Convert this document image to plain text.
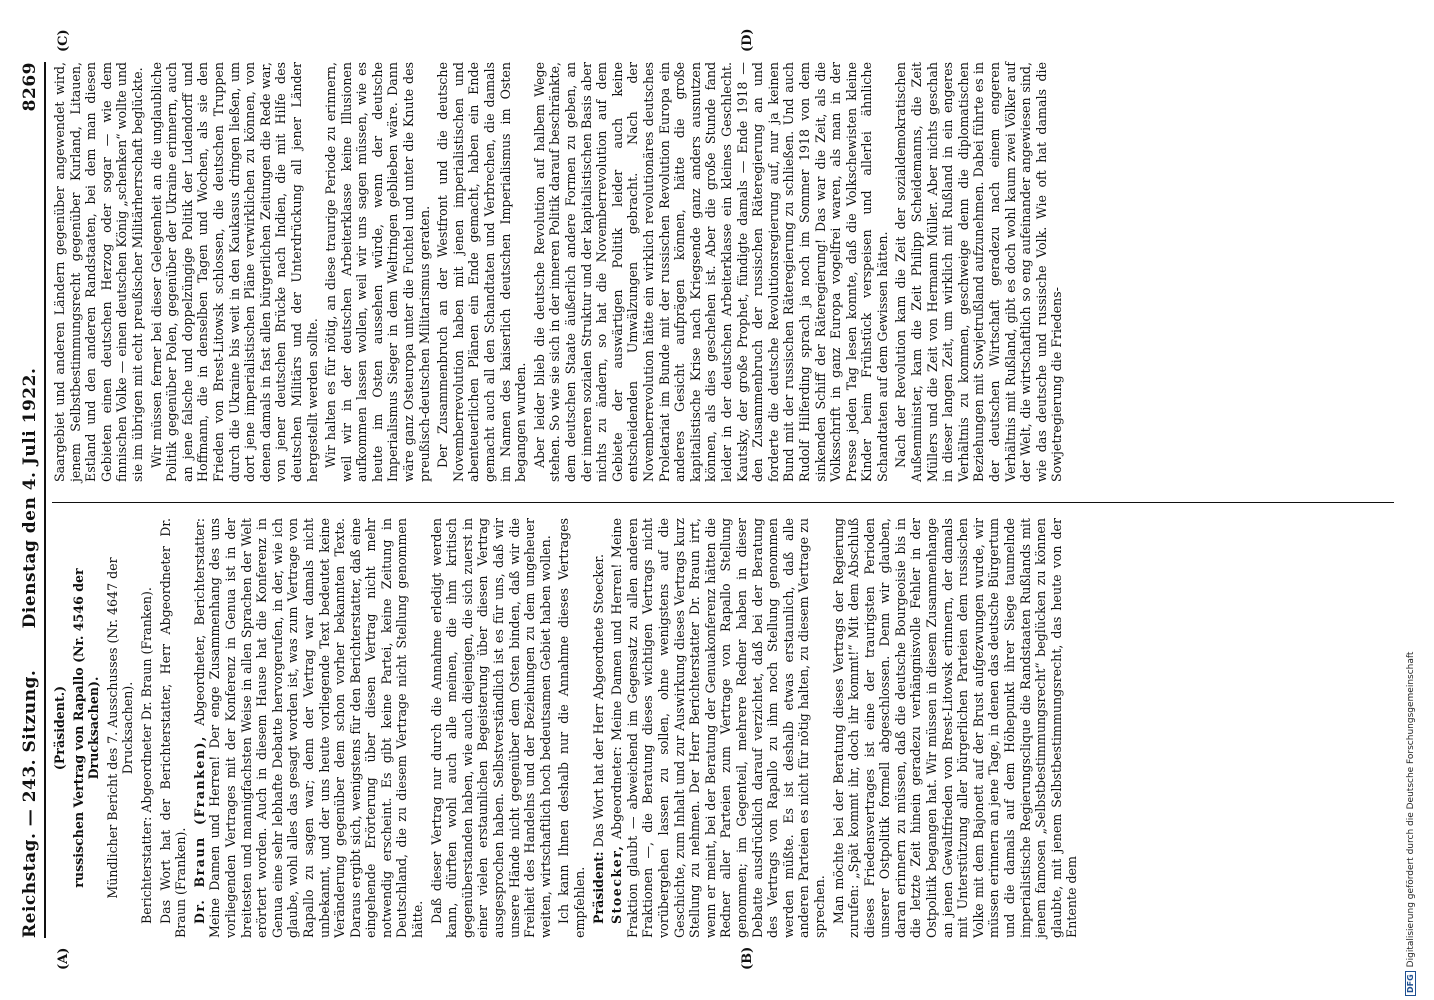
Reichstag. — 243. Sitzung.
Dienstag den 4. Juli 1922.
8269
(A)	(B)
(C)	(D)

(Präsident.) russischen Vertrag von Rapallo (Nr. 4546 der Drucksachen). Mündlicher Bericht des 7. Ausschusses (Nr. 4647 der Drucksachen). Berichterstatter: Abgeordneter Dr. Braun (Franken). Das Wort hat der Berichterstatter, Herr Abgeordneter Dr. Braun (Franken). Dr. Braun (Franken), Abgeordneter, Berichterstatter: Meine Damen und Herren! Der enge Zusammenhang des uns vorliegenden Vertrages mit der Konferenz in Genua ist in der breitesten und mannigfachsten Weise in allen Sprachen der Welt erörtert worden. Auch in diesem Hause hat die Konferenz in Genua eine sehr lebhafte Debatte hervorgerufen, in der, wie ich glaube, wohl alles das gesagt worden ist, was zum Vertrage von Rapallo zu sagen war; denn der Vertrag war damals nicht unbekannt, und der uns heute vorliegende Text bedeutet keine Veränderung gegenüber dem schon vorher bekannten Texte. Daraus ergibt sich, wenigstens für den Berichterstatter, daß eine eingehende Erörterung über diesen Vertrag nicht mehr notwendig erscheint. Es gibt keine Partei, keine Zeitung in Deutschland, die zu diesem Vertrage nicht Stellung genommen hätte. Daß dieser Vertrag nur durch die Annahme erledigt werden kann, dürften wohl auch alle meinen, die ihm kritisch gegenüberstanden haben, wie auch diejenigen, die sich zuerst in einer vielen erstaunlichen Begeisterung über diesen Vertrag ausgesprochen haben. Selbstverständlich ist es für uns, daß wir unsere Hände nicht gegenüber dem Osten binden, daß wir die Freiheit des Handelns und der Beziehungen zu dem ungeheuer weiten, wirtschaftlich hoch bedeutsamen Gebiet haben wollen. Ich kann Ihnen deshalb nur die Annahme dieses Vertrages empfehlen. Präsident: Das Wort hat der Herr Abgeordnete Stoecker.

Stoecker, Abgeordneter: Meine Damen und Herren! Meine Fraktion glaubt — abweichend im Gegensatz zu allen anderen Fraktionen —, die Beratung dieses wichtigen Vertrags nicht vorübergehen lassen zu sollen, ohne wenigstens auf die Geschichte, zum Inhalt und zur Auswirkung dieses Vertrags kurz Stellung zu nehmen. Der Herr Berichterstatter Dr. Braun irrt, wenn er meint, bei der Beratung der Genuakonferenz hätten die Redner aller Parteien zum Vertrage von Rapallo Stellung genommen; im Gegenteil, mehrere Redner haben in dieser Debatte ausdrücklich darauf verzichtet, daß bei der Beratung des Vertrags von Rapallo zu ihm noch Stellung genommen werden müßte. Es ist deshalb etwas erstaunlich, daß alle anderen Parteien es nicht für nötig halten, zu diesem Vertrage zu sprechen. Man möchte bei der Beratung dieses Vertrags der Regierung zurufen: „Spät kommt ihr, doch ihr kommt!“ Mit dem Abschluß dieses Friedensvertrages ist eine der traurigsten Perioden unserer Ostpolitik formell abgeschlossen. Denn wir glauben, daran erinnern zu müssen, daß die deutsche Bourgeoisie bis in die letzte Zeit hinein geradezu verhängnisvolle Fehler in der Ostpolitik begangen hat. Wir müssen in diesem Zusammenhange an jenen Gewaltfrieden von Brest-Litowsk erinnern, der damals mit Unterstützung aller bürgerlichen Parteien dem russischen Volke mit dem Bajonett auf der Brust aufgezwungen wurde, wir müssen erinnern an jene Tage, in denen das deutsche Bürgertum und die damals auf dem Höhepunkt ihrer Siege taumelnde imperialistische Regierungsclique die Randstaaten Rußlands mit jenem famosen „Selbstbestimmungsrecht“ beglücken zu können glaubte, mit jenem Selbstbestimmungsrecht, das heute von der Entente dem

Saargebiet und anderen Ländern gegenüber angewendet wird, jenem Selbstbestimmungsrecht gegenüber Kurland, Litauen, Estland und den anderen Randstaaten, bei dem man diesen Gebieten einen deutschen Herzog oder sogar — wie dem finnischen Volke — einen deutschen König „schenken“ wollte und sie im übrigen mit echt preußischer Militärherrschaft beglückte. Wir müssen ferner bei dieser Gelegenheit an die unglaubliche Politik gegenüber Polen, gegenüber der Ukraine erinnern, auch an jene falsche und doppelzüngige Politik der Ludendorff und Hoffmann, die in denselben Tagen und Wochen, als sie den Frieden von Brest-Litowsk schlossen, die deutschen Truppen durch die Ukraine bis weit in den Kaukasus dringen ließen, um dort jene imperialistischen Pläne verwirklichen zu können, von denen damals in fast allen bürgerlichen Zeitungen die Rede war, von jener deutschen Brücke nach Indien, die mit Hilfe des deutschen Militärs und der Unterdrückung all jener Länder hergestellt werden sollte. Wir halten es für nötig, an diese traurige Periode zu erinnern, weil wir in der deutschen Arbeiterklasse keine Illusionen aufkommen lassen wollen, weil wir uns sagen müssen, wie es heute im Osten aussehen würde, wenn der deutsche Imperialismus Sieger in dem Weltringen geblieben wäre. Dann wäre ganz Osteuropa unter die Fuchtel und unter die Knute des preußisch-deutschen Militarismus geraten. Der Zusammenbruch an der Westfront und die deutsche Novemberrevolution haben mit jenen imperialistischen und abenteuerlichen Plänen ein Ende gemacht, haben ein Ende gemacht auch all den Schandtaten und Verbrechen, die damals im Namen des kaiserlich deutschen Imperialismus im Osten begangen wurden. Aber leider blieb die deutsche Revolution auf halbem Wege stehen. So wie sie sich in der inneren Politik darauf beschränkte, dem deutschen Staate äußerlich andere Formen zu geben, an der inneren sozialen Struktur und der kapitalistischen Basis aber nichts zu ändern, so hat die Novemberrevolution auf dem Gebiete der auswärtigen Politik leider auch keine entscheidenden Umwälzungen gebracht. Nach der Novemberrevolution hätte ein wirklich revolutionäres deutsches Proletariat im Bunde mit der russischen Revolution Europa ein anderes Gesicht aufprägen können, hätte die große kapitalistische Krise nach Kriegsende ganz anders ausnutzen können, als dies geschehen ist. Aber die große Stunde fand leider in der deutschen Arbeiterklasse ein kleines Geschlecht. Kautsky, der große Prophet, fündigte damals — Ende 1918 — den Zusammenbruch der russischen Räteregierung an und forderte die deutsche Revolutionsregierung auf, nur ja keinen Bund mit der russischen Räteregierung zu schließen. Und auch Rudolf Hilferding sprach ja noch im Sommer 1918 von dem sinkenden Schiff der Räteregierung! Das war die Zeit, als die Volksschrift in ganz Europa vogelfrei waren, als man in der Presse jeden Tag lesen konnte, daß die Volkschewisten kleine Kinder beim Frühstück verspeisen und allerlei ähnliche Schandtaten auf dem Gewissen hätten. Nach der Revolution kam die Zeit der sozialdemokratischen Außenminister, kam die Zeit Philipp Scheidemanns, die Zeit Müllers und die Zeit von Hermann Müller. Aber nichts geschah in dieser langen Zeit, um wirklich mit Rußland in ein engeres Verhältnis zu kommen, geschweige denn die diplomatischen Beziehungen mit Sowjetrußland aufzunehmen. Dabei führte es in der deutschen Wirtschaft geradezu nach einem engeren Verhältnis mit Rußland, gibt es doch wohl kaum zwei Völker auf der Welt, die wirtschaftlich so eng aufeinander angewiesen sind, wie das deutsche und russische Volk. Wie oft hat damals die Sowjetregierung die Friedens-

DFGDigitalisierung gefördert durch die Deutsche Forschungsgemeinschaft
